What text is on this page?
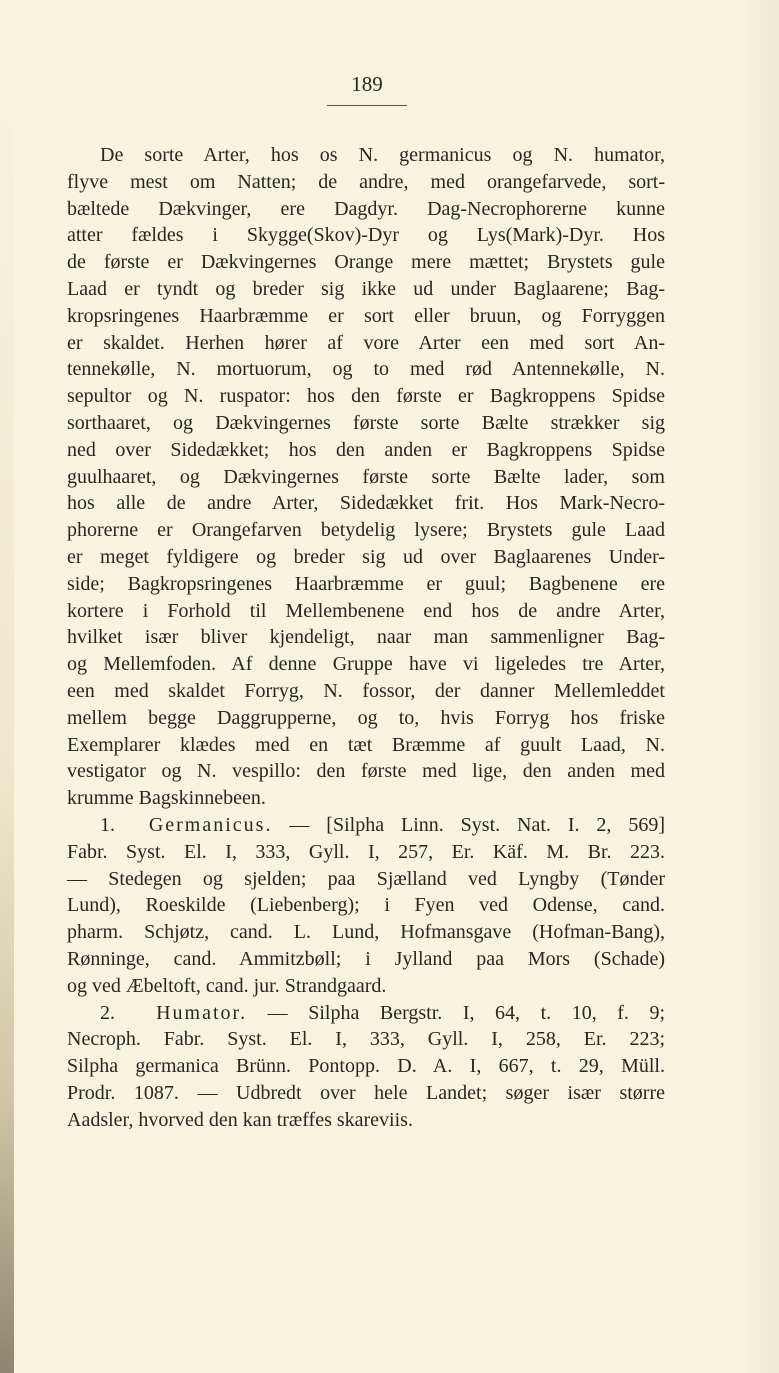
189
De sorte Arter, hos os N. germanicus og N. humator,
flyve mest om Natten; de andre, med orangefarvede, sort-
bæltede Dækvinger, ere Dagdyr. Dag-Necrophorerne kunne
atter fældes i Skygge(Skov)-Dyr og Lys(Mark)-Dyr. Hos
de første er Dækvingernes Orange mere mættet; Brystets gule
Laad er tyndt og breder sig ikke ud under Baglaarene; Bag-
kropsringenes Haarbræmme er sort eller bruun, og Forryggen
er skaldet. Herhen hører af vore Arter een med sort An-
tennekølle, N. mortuorum, og to med rød Antennekølle, N.
sepultor og N. ruspator: hos den første er Bagkroppens Spidse
sorthaaret, og Dækvingernes første sorte Bælte strækker sig
ned over Sidedækket; hos den anden er Bagkroppens Spidse
guulhaaret, og Dækvingernes første sorte Bælte lader, som
hos alle de andre Arter, Sidedækket frit. Hos Mark-Necro-
phorerne er Orangefarven betydelig lysere; Brystets gule Laad
er meget fyldigere og breder sig ud over Baglaarenes Under-
side; Bagkropsringenes Haarbræmme er guul; Bagbenene ere
kortere i Forhold til Mellembenene end hos de andre Arter,
hvilket især bliver kjendeligt, naar man sammenligner Bag-
og Mellemfoden. Af denne Gruppe have vi ligeledes tre Arter,
een med skaldet Forryg, N. fossor, der danner Mellemleddet
mellem begge Daggrupperne, og to, hvis Forryg hos friske
Exemplarer klædes med en tæt Bræmme af guult Laad, N.
vestigator og N. vespillo: den første med lige, den anden med
krumme Bagskinnebeen.
1. Germanicus. — [Silpha Linn. Syst. Nat. I. 2, 569]
Fabr. Syst. El. I, 333, Gyll. I, 257, Er. Käf. M. Br. 223.
— Stedegen og sjelden; paa Sjælland ved Lyngby (Tønder
Lund), Roeskilde (Liebenberg); i Fyen ved Odense, cand.
pharm. Schjøtz, cand. L. Lund, Hofmansgave (Hofman-Bang),
Rønninge, cand. Ammitzbøll; i Jylland paa Mors (Schade)
og ved Æbeltoft, cand. jur. Strandgaard.
2. Humator. — Silpha Bergstr. I, 64, t. 10, f. 9;
Necroph. Fabr. Syst. El. I, 333, Gyll. I, 258, Er. 223;
Silpha germanica Brünn. Pontopp. D. A. I, 667, t. 29, Müll.
Prodr. 1087. — Udbredt over hele Landet; søger især større
Aadsler, hvorved den kan træffes skareviis.
